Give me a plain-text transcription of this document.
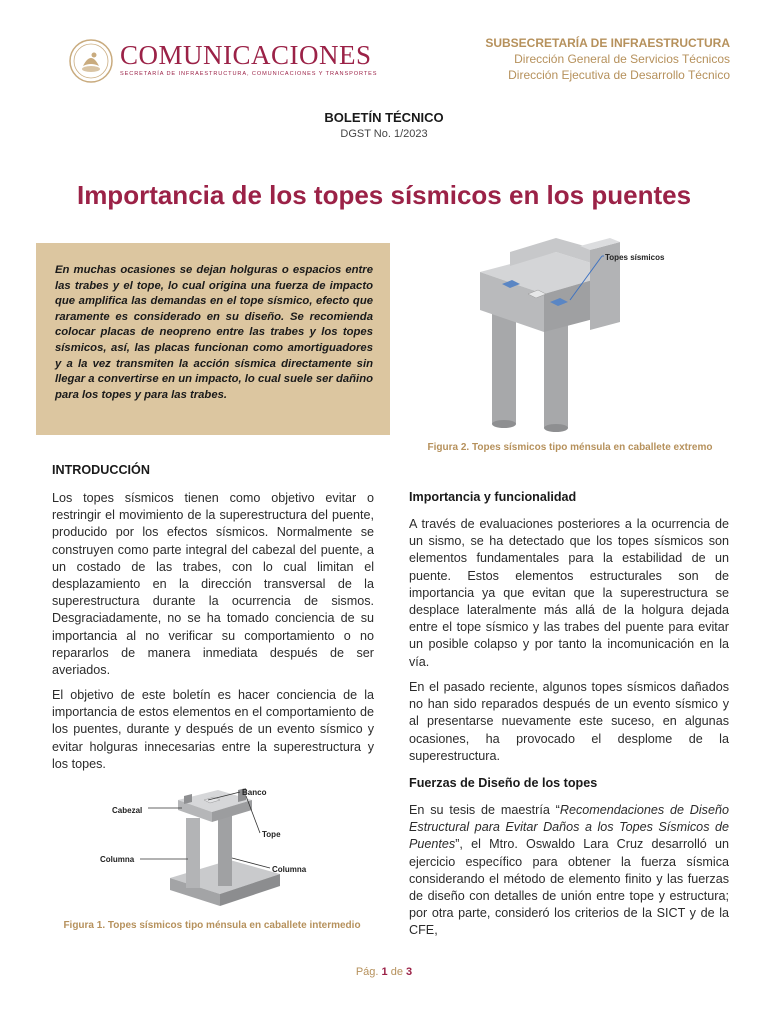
COMUNICACIONES
SECRETARÍA DE INFRAESTRUCTURA, COMUNICACIONES Y TRANSPORTES
SUBSECRETARÍA DE INFRAESTRUCTURA
Dirección General de Servicios Técnicos
Dirección Ejecutiva de Desarrollo Técnico
BOLETÍN TÉCNICO
DGST No. 1/2023
Importancia de los topes sísmicos en los puentes

En muchas ocasiones se dejan holguras o espacios entre las trabes y el tope, lo cual origina una fuerza de impacto que amplifica las demandas en el tope sísmico, efecto que raramente es considerado en su diseño. Se recomienda colocar placas de neopreno entre las trabes y los topes sísmicos, así, las placas funcionan como amortiguadores y a la vez transmiten la acción sísmica directamente sin llegar a convertirse en un impacto, lo cual suele ser dañino para los topes y para las trabes.

Topes sísmicos
Figura 2. Topes sísmicos tipo ménsula en caballete extremo
INTRODUCCIÓN

Los topes sísmicos tienen como objetivo evitar o restringir el movimiento de la superestructura del puente, producido por los efectos sísmicos. Normalmente se construyen como parte integral del cabezal del puente, a un costado de las trabes, con lo cual limitan el desplazamiento en la dirección transversal de la superestructura durante la ocurrencia de sismos. Desgraciadamente, no se ha tomado conciencia de su importancia al no verificar su comportamiento o no repararlos de manera inmediata después de ser averiados.

El objetivo de este boletín es hacer conciencia de la importancia de estos elementos en el comportamiento de los puentes, durante y después de un evento sísmico y evitar holguras innecesarias entre la superestructura y los topes.

Banco
Cabezal
Tope
Columna
Columna
Figura 1. Topes sísmicos tipo ménsula en caballete intermedio
Importancia y funcionalidad

A través de evaluaciones posteriores a la ocurrencia de un sismo, se ha detectado que los topes sísmicos son elementos fundamentales para la estabilidad de un puente. Estos elementos estructurales son de importancia ya que evitan que la superestructura se desplace lateralmente más allá de la holgura dejada entre el tope sísmico y las trabes del puente para evitar un posible colapso y por tanto la incomunicación en la vía.

En el pasado reciente, algunos topes sísmicos dañados no han sido reparados después de un evento sísmico y al presentarse nuevamente este suceso, en algunas ocasiones, ha provocado el desplome de la superestructura.

Fuerzas de Diseño de los topes

En su tesis de maestría “Recomendaciones de Diseño Estructural para Evitar Daños a los Topes Sísmicos de Puentes”, el Mtro. Oswaldo Lara Cruz desarrolló un ejercicio específico para obtener la fuerza sísmica considerando el método de elemento finito y las fuerzas de diseño con detalles de unión entre tope y estructura; por otra parte, consideró los criterios de la SICT y de la CFE,

Pág. 1 de 3
